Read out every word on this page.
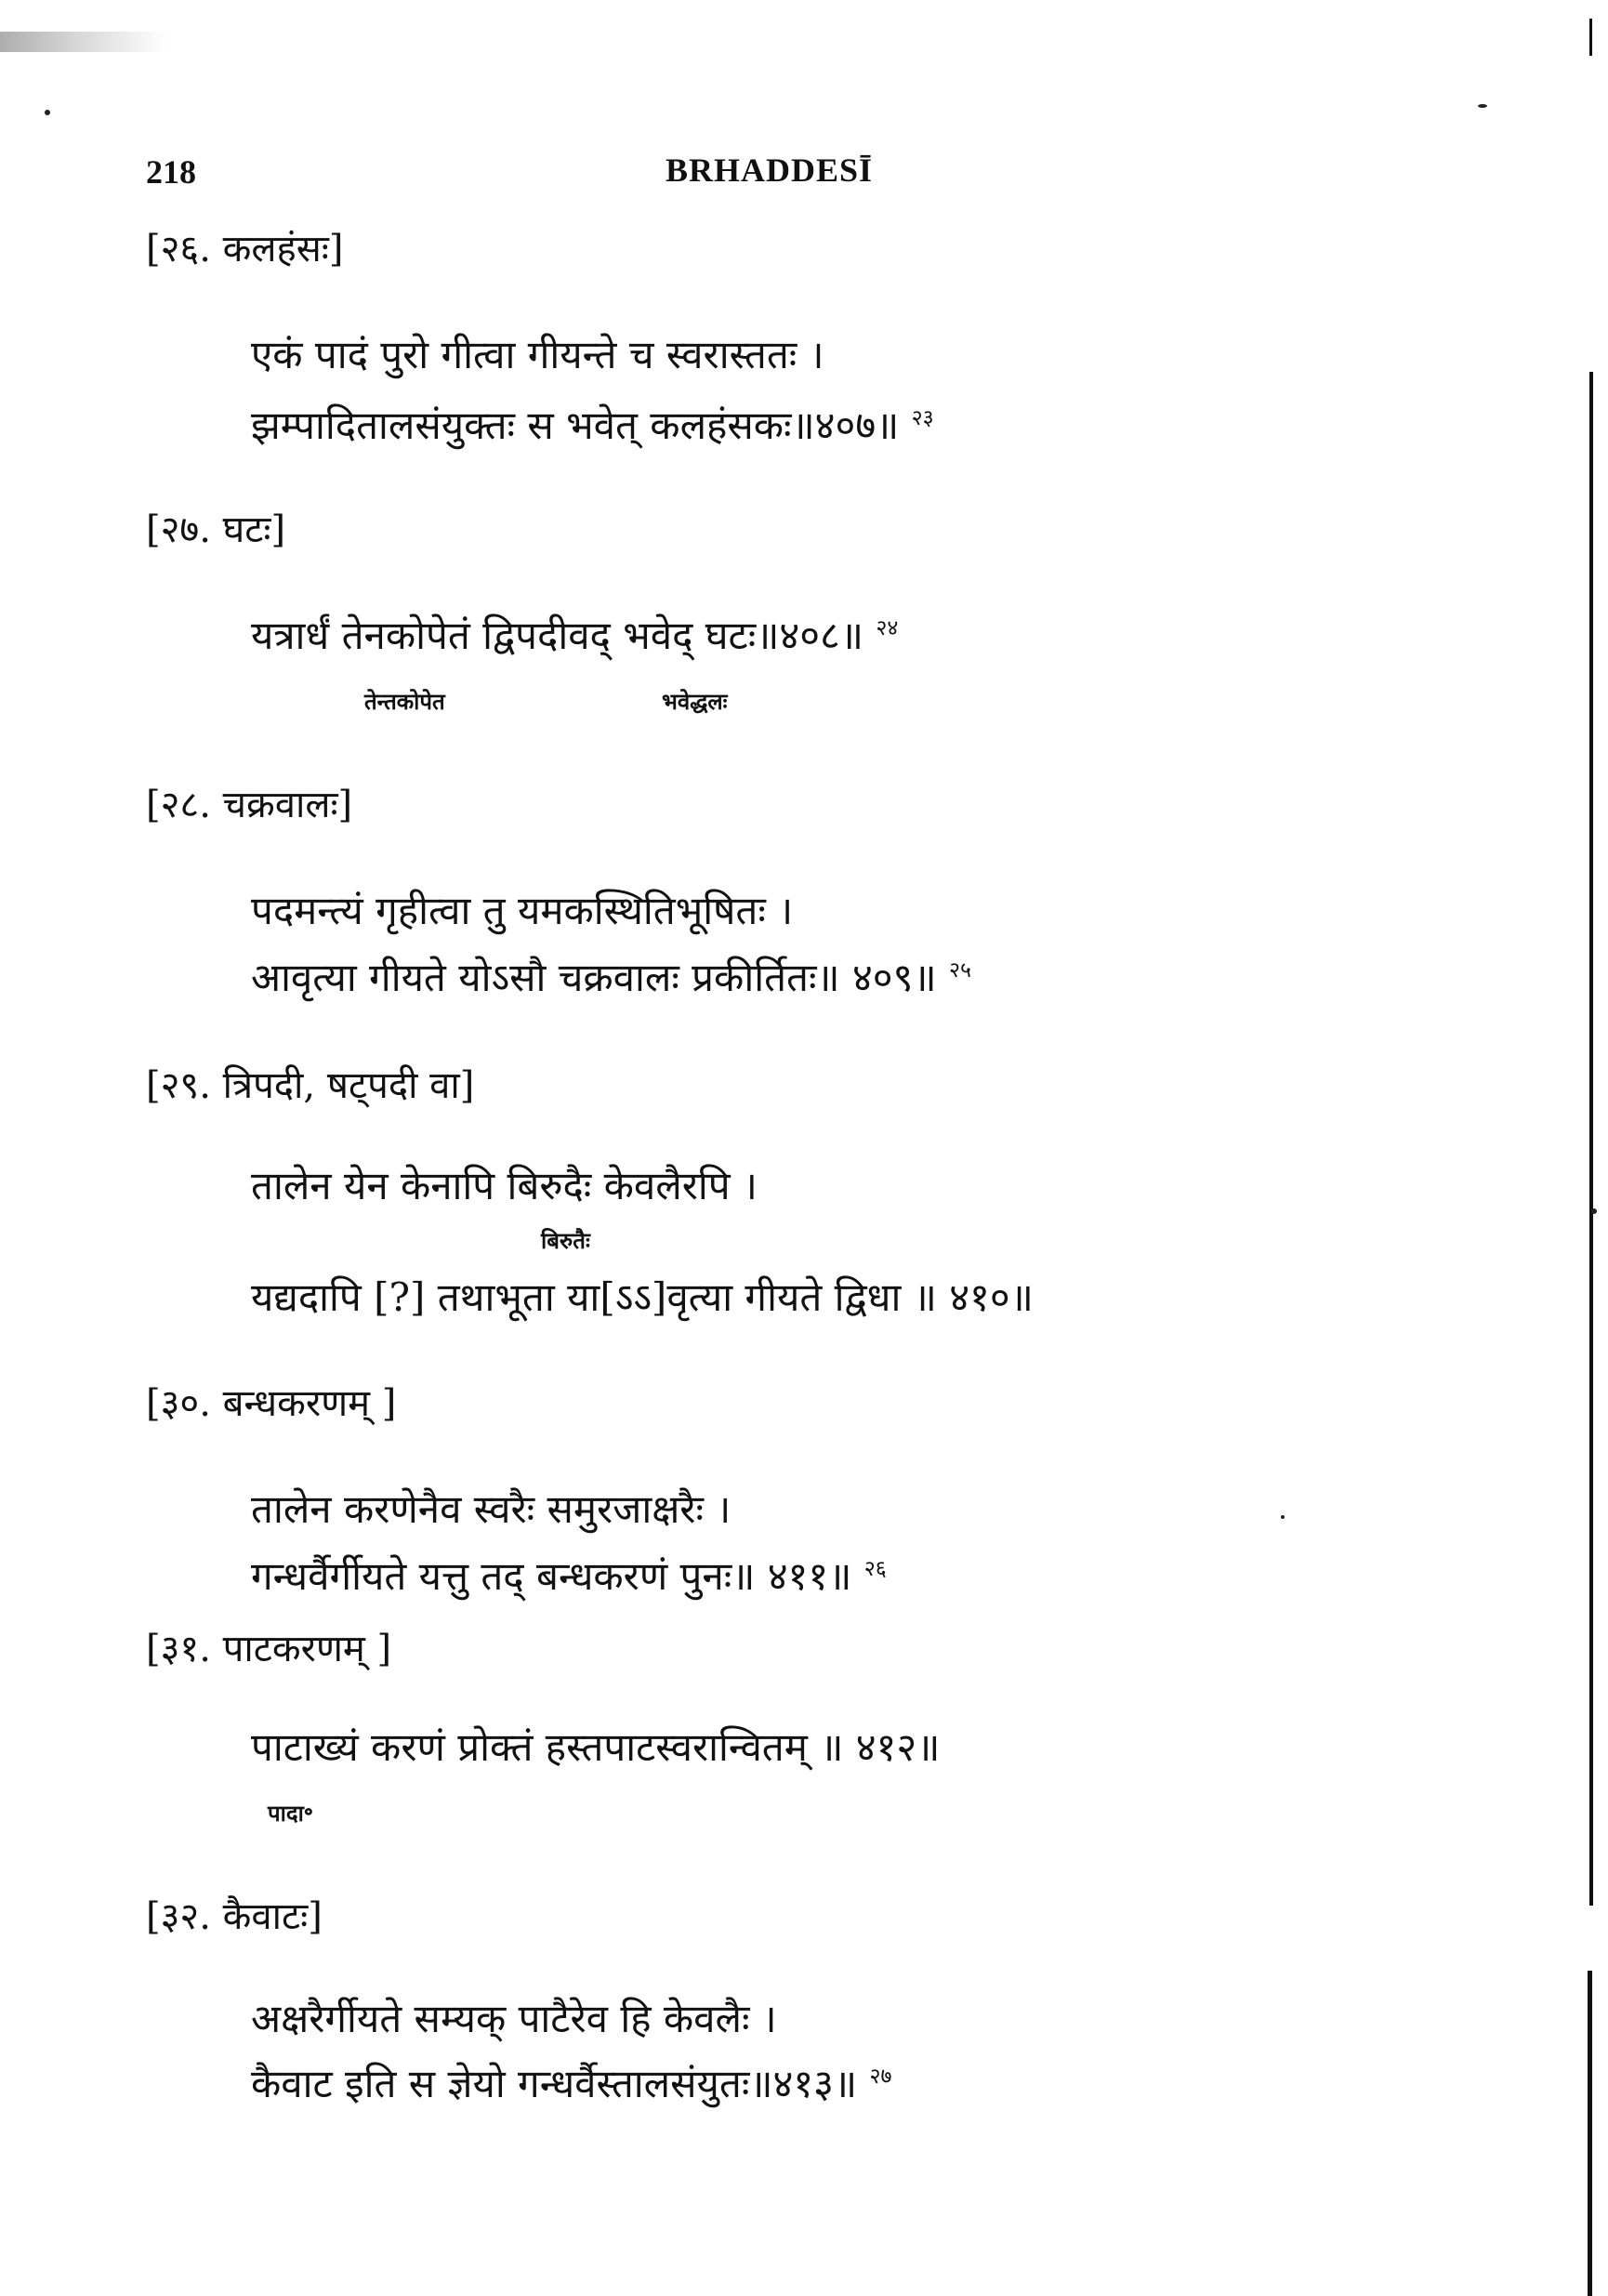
218	BRHADDESĪ
[२६. कलहंसः]
एकं पादं पुरो गीत्वा गीयन्ते च स्वरास्ततः ।
झम्पादितालसंयुक्तः स भवेत् कलहंसकः॥४०७॥ $^{२३}$
[२७. घटः]
यत्रार्धं तेनकोपेतं द्विपदीवद् भवेद् घटः॥४०८॥ $^{२४}$
तेन्तकोपेत	भवेद्धलः
[२८. चक्रवालः]
पदमन्त्यं गृहीत्वा तु यमकस्थितिभूषितः ।
आवृत्या गीयते योऽसौ चक्रवालः प्रकीर्तितः॥ ४०९॥ $^{२५}$
[२९. त्रिपदी, षट्पदी वा]
तालेन येन केनापि बिरुदैः केवलैरपि ।
बिरुतैः
यद्यदापि [?] तथाभूता या[ऽऽ]वृत्या गीयते द्विधा ॥ ४१०॥
[३०. बन्धकरणम् ]
तालेन करणेनैव स्वरैः समुरजाक्षरैः ।
गन्धर्वैर्गीयते यत्तु तद् बन्धकरणं पुनः॥ ४११॥ $^{२६}$
[३१. पाटकरणम् ]
पाटाख्यं करणं प्रोक्तं हस्तपाटस्वरान्वितम् ॥ ४१२॥
पादा॰
[३२. कैवाटः]
अक्षरैर्गीयते सम्यक् पाटैरेव हि केवलैः ।
कैवाट इति स ज्ञेयो गन्धर्वैस्तालसंयुतः॥४१३॥ $^{२७}$
